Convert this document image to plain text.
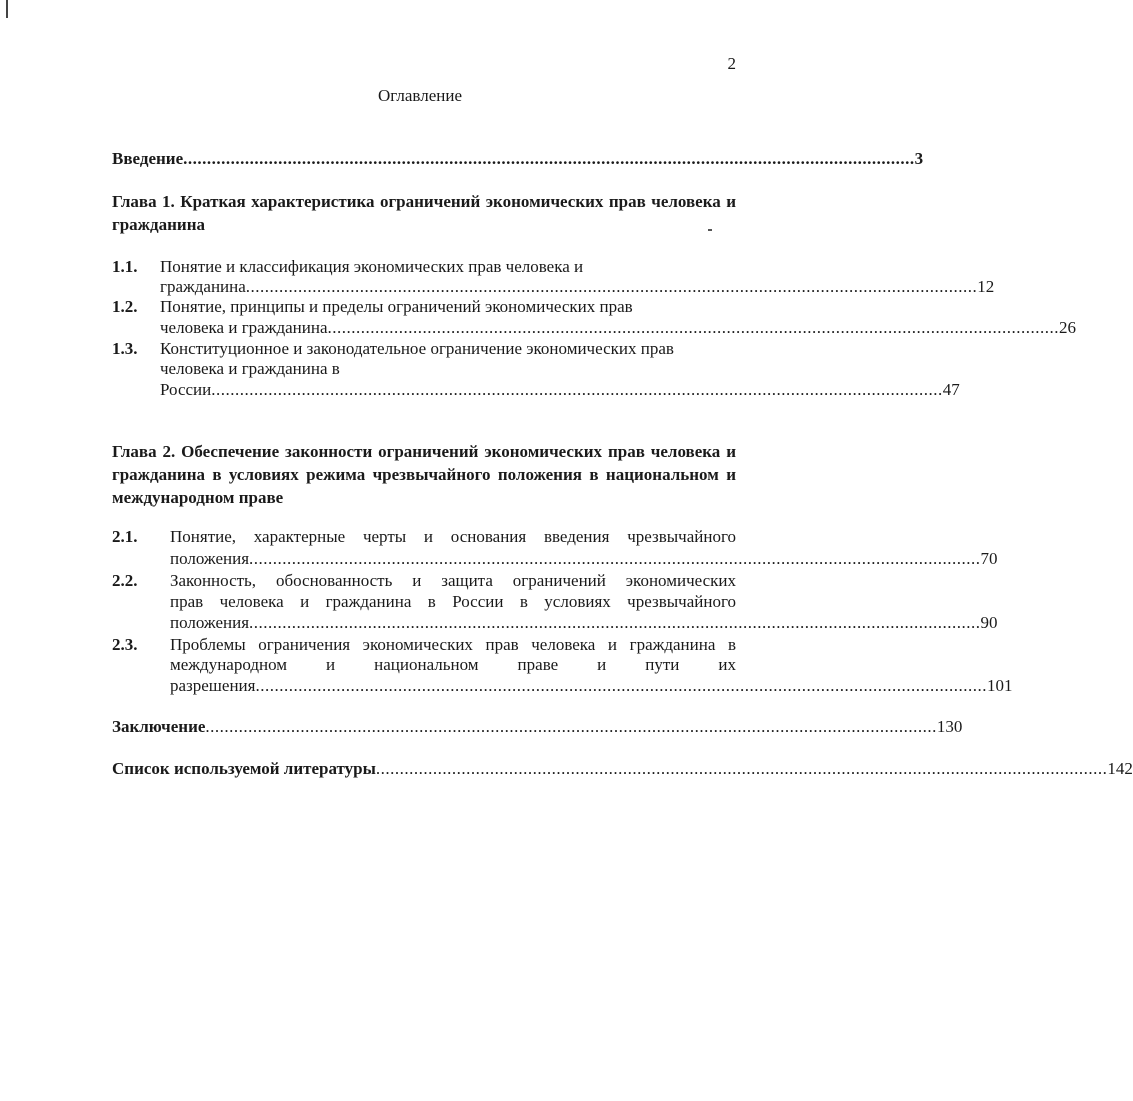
2
Оглавление
Введение .......................................................................................................................................................... 3
Глава 1. Краткая характеристика ограничений экономических прав человека и гражданина
1.1. Понятие и классификация экономических прав человека и
гражданина .......................................................................................................................................................... 12
1.2. Понятие, принципы и пределы ограничений экономических прав
человека и гражданина .......................................................................................................................................................... 26
1.3. Конституционное и законодательное ограничение экономических прав
человека и гражданина в
России .......................................................................................................................................................... 47
Глава 2. Обеспечение законности ограничений экономических прав человека и гражданина в условиях режима чрезвычайного положения в национальном и международном праве
2.1. Понятие, характерные черты и основания введения чрезвычайного
положения .......................................................................................................................................................... 70
2.2. Законность, обоснованность и защита ограничений экономических
прав человека и гражданина в России в условиях чрезвычайного
положения .......................................................................................................................................................... 90
2.3. Проблемы ограничения экономических прав человека и гражданина в
международном и национальном праве и пути их
разрешения .......................................................................................................................................................... 101
Заключение .......................................................................................................................................................... 130
Список используемой литературы .......................................................................................................................................................... 142
